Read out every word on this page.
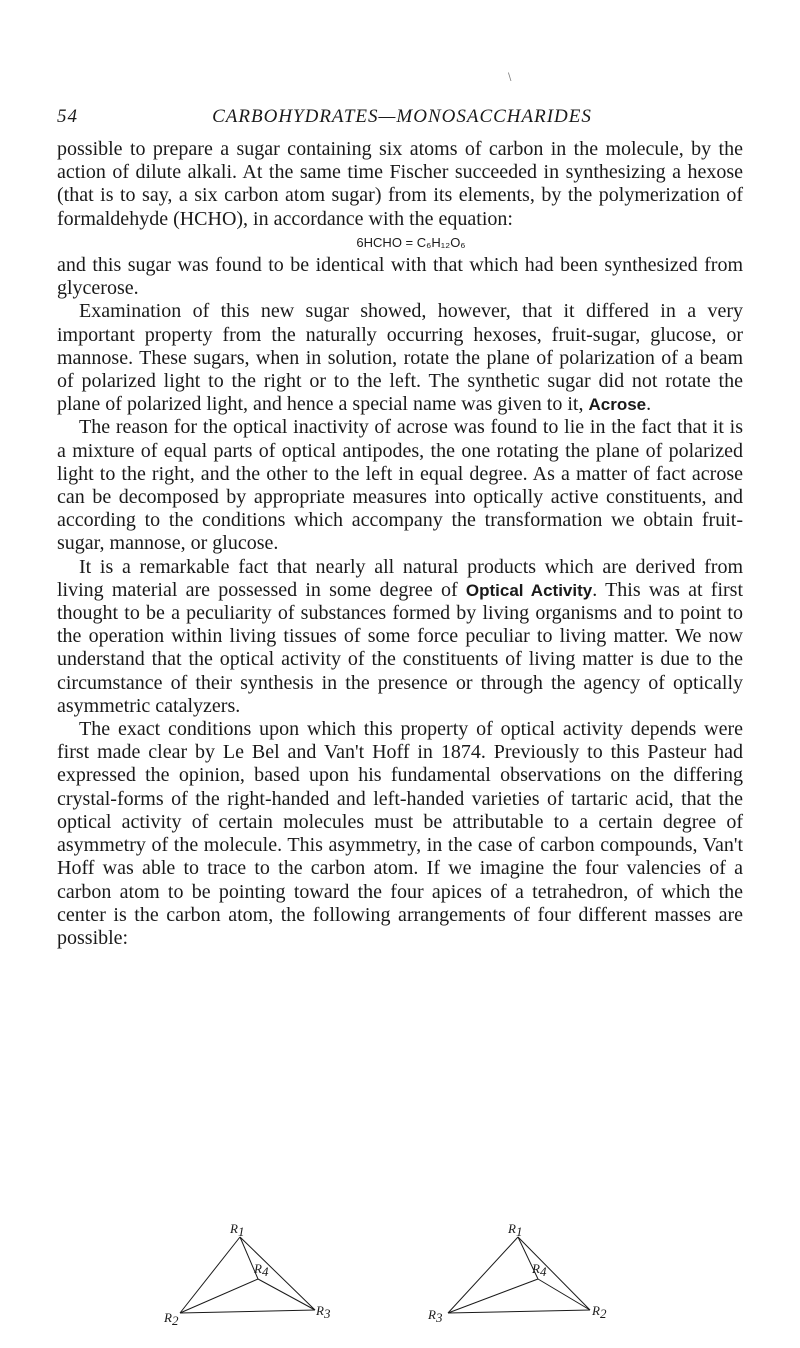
\
54	CARBOHYDRATES—MONOSACCHARIDES

possible to prepare a sugar containing six atoms of carbon in the molecule, by the action of dilute alkali. At the same time Fischer succeeded in synthesizing a hexose (that is to say, a six carbon atom sugar) from its elements, by the polymerization of formaldehyde (HCHO), in accordance with the equation:

6HCHO = C₆H₁₂O₆

and this sugar was found to be identical with that which had been synthesized from glycerose.

Examination of this new sugar showed, however, that it differed in a very important property from the naturally occurring hexoses, fruit-sugar, glucose, or mannose. These sugars, when in solution, rotate the plane of polarization of a beam of polarized light to the right or to the left. The synthetic sugar did not rotate the plane of polarized light, and hence a special name was given to it, Acrose.

The reason for the optical inactivity of acrose was found to lie in the fact that it is a mixture of equal parts of optical antipodes, the one rotating the plane of polarized light to the right, and the other to the left in equal degree. As a matter of fact acrose can be decomposed by appropriate measures into optically active constituents, and according to the conditions which accompany the transformation we obtain fruit-sugar, mannose, or glucose.

It is a remarkable fact that nearly all natural products which are derived from living material are possessed in some degree of Optical Activity. This was at first thought to be a peculiarity of substances formed by living organisms and to point to the operation within living tissues of some force peculiar to living matter. We now understand that the optical activity of the constituents of living matter is due to the circumstance of their synthesis in the presence or through the agency of optically asymmetric catalyzers.

The exact conditions upon which this property of optical activity depends were first made clear by Le Bel and Van't Hoff in 1874. Previously to this Pasteur had expressed the opinion, based upon his fundamental observations on the differing crystal-forms of the right-handed and left-handed varieties of tartaric acid, that the optical activity of certain molecules must be attributable to a certain degree of asymmetry of the molecule. This asymmetry, in the case of carbon compounds, Van't Hoff was able to trace to the carbon atom. If we imagine the four valencies of a carbon atom to be pointing toward the four apices of a tetrahedron, of which the center is the carbon atom, the following arrangements of four different masses are possible:

R1
R4
R2
R3
R1
R4
R3	R2
